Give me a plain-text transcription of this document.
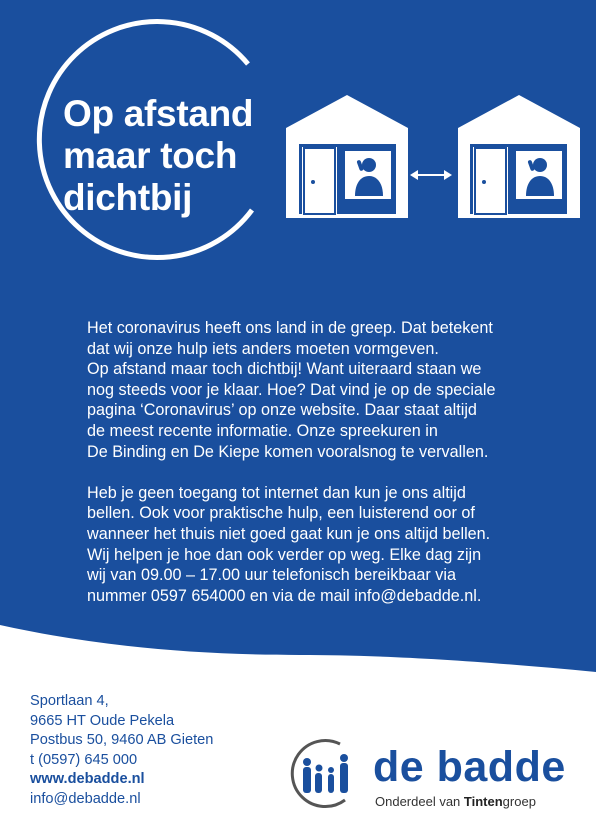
Op afstand
maar toch
dichtbij
Het coronavirus heeft ons land in de greep. Dat betekent
dat wij onze hulp iets anders moeten vormgeven.
Op afstand maar toch dichtbij! Want uiteraard staan we
nog steeds voor je klaar. Hoe? Dat vind je op de speciale
pagina ‘Coronavirus’ op onze website. Daar staat altijd
de meest recente informatie. Onze spreekuren in
De Binding en De Kiepe komen vooralsnog te vervallen.
Heb je geen toegang tot internet dan kun je ons altijd
bellen. Ook voor praktische hulp, een luisterend oor of
wanneer het thuis niet goed gaat kun je ons altijd bellen.
Wij helpen je hoe dan ook verder op weg. Elke dag zijn
wij van 09.00 – 17.00 uur telefonisch bereikbaar via
nummer 0597 654000 en via de mail info@debadde.nl.
Sportlaan 4,
9665 HT Oude Pekela
Postbus 50, 9460 AB Gieten
t (0597) 645 000
www.debadde.nl
info@debadde.nl
de badde
Onderdeel van Tintengroep
